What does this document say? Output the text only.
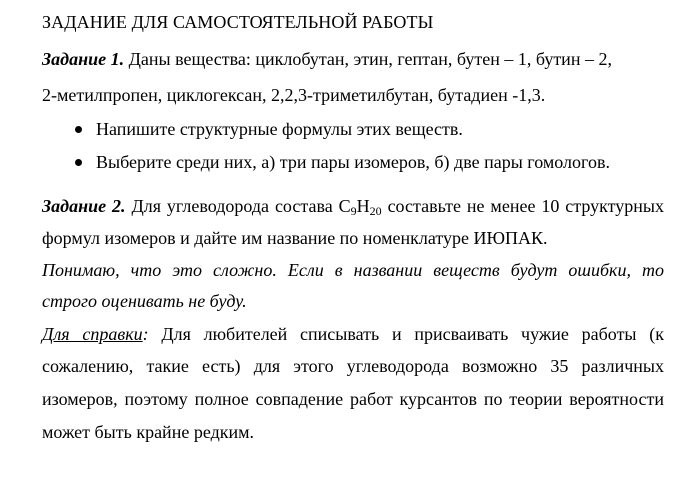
ЗАДАНИЕ ДЛЯ САМОСТОЯТЕЛЬНОЙ РАБОТЫ
Задание 1. Даны вещества: циклобутан, этин, гептан, бутен – 1, бутин – 2,
2-метилпропен, циклогексан, 2,2,3-триметилбутан, бутадиен -1,3.
Напишите структурные формулы этих веществ.
Выберите среди них, а) три пары изомеров, б) две пары гомологов.
Задание 2. Для углеводорода состава $C_9H_{20}$ составьте не менее 10 структурных
формул изомеров и дайте им название по номенклатуре ИЮПАК.
Понимаю, что это сложно. Если в названии веществ будут ошибки, то
строго оценивать не буду.
Для справки: Для любителей списывать и присваивать чужие работы (к
сожалению, такие есть) для этого углеводорода возможно 35 различных
изомеров, поэтому полное совпадение работ курсантов по теории вероятности
может быть крайне редким.
